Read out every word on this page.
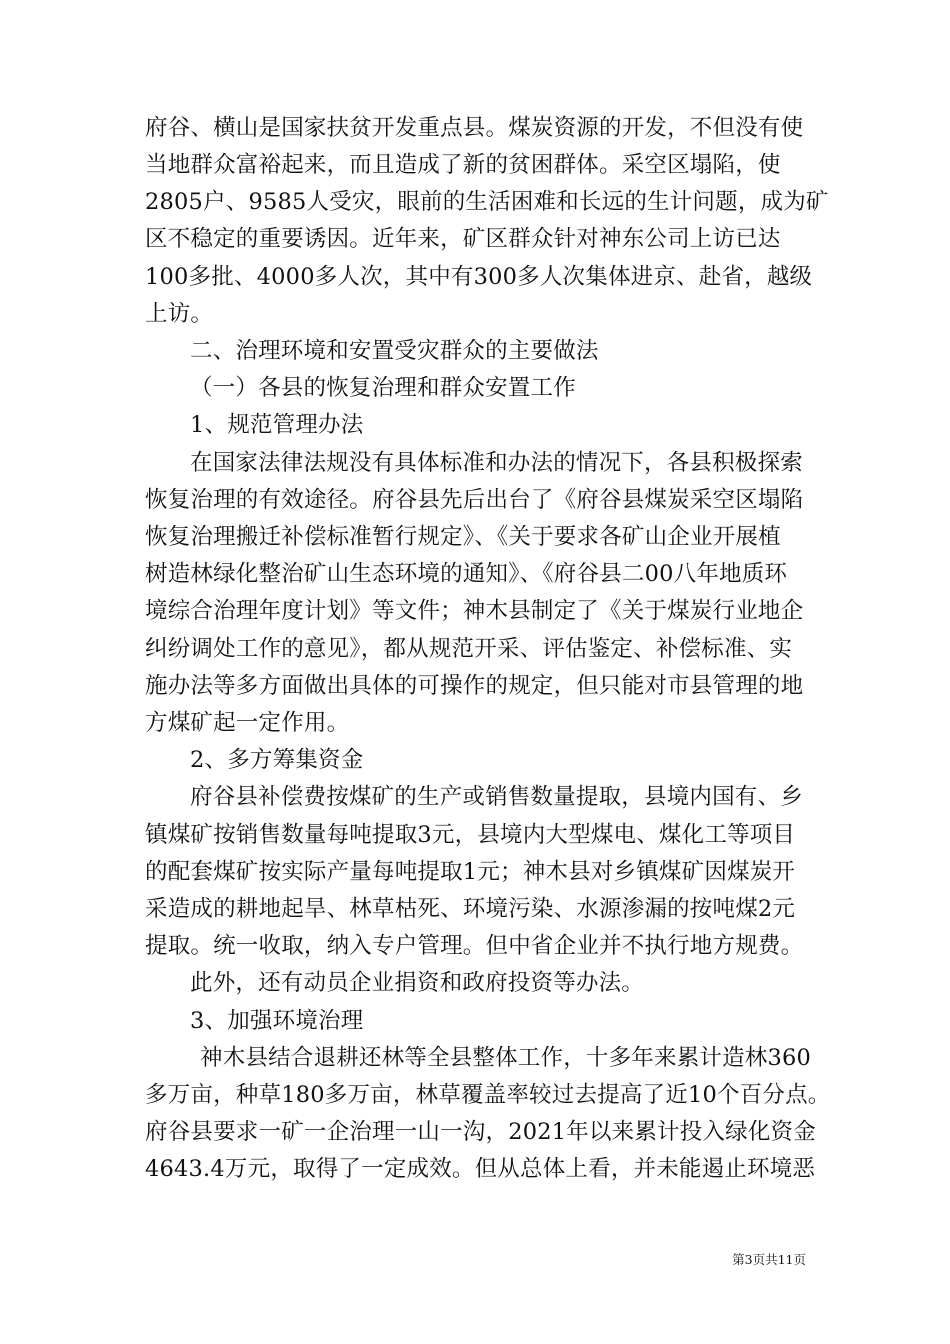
府谷、横山是国家扶贫开发重点县。煤炭资源的开发，不但没有使
当地群众富裕起来，而且造成了新的贫困群体。采空区塌陷，使
2805户、9585人受灾，眼前的生活困难和长远的生计问题，成为矿
区不稳定的重要诱因。近年来，矿区群众针对神东公司上访已达
100多批、4000多人次，其中有300多人次集体进京、赴省，越级
上访。
二、治理环境和安置受灾群众的主要做法
（一）各县的恢复治理和群众安置工作
1、规范管理办法
在国家法律法规没有具体标准和办法的情况下，各县积极探索
恢复治理的有效途径。府谷县先后出台了《府谷县煤炭采空区塌陷
恢复治理搬迁补偿标准暂行规定》、《关于要求各矿山企业开展植
树造林绿化整治矿山生态环境的通知》、《府谷县二00八年地质环
境综合治理年度计划》等文件；神木县制定了《关于煤炭行业地企
纠纷调处工作的意见》，都从规范开采、评估鉴定、补偿标准、实
施办法等多方面做出具体的可操作的规定，但只能对市县管理的地
方煤矿起一定作用。
2、多方筹集资金
府谷县补偿费按煤矿的生产或销售数量提取，县境内国有、乡
镇煤矿按销售数量每吨提取3元，县境内大型煤电、煤化工等项目
的配套煤矿按实际产量每吨提取1元；神木县对乡镇煤矿因煤炭开
采造成的耕地起旱、林草枯死、环境污染、水源渗漏的按吨煤2元
提取。统一收取，纳入专户管理。但中省企业并不执行地方规费。
此外，还有动员企业捐资和政府投资等办法。
3、加强环境治理
神木县结合退耕还林等全县整体工作，十多年来累计造林360
多万亩，种草180多万亩，林草覆盖率较过去提高了近10个百分点。
府谷县要求一矿一企治理一山一沟，2021年以来累计投入绿化资金
4643.4万元，取得了一定成效。但从总体上看，并未能遏止环境恶
第3页共11页
